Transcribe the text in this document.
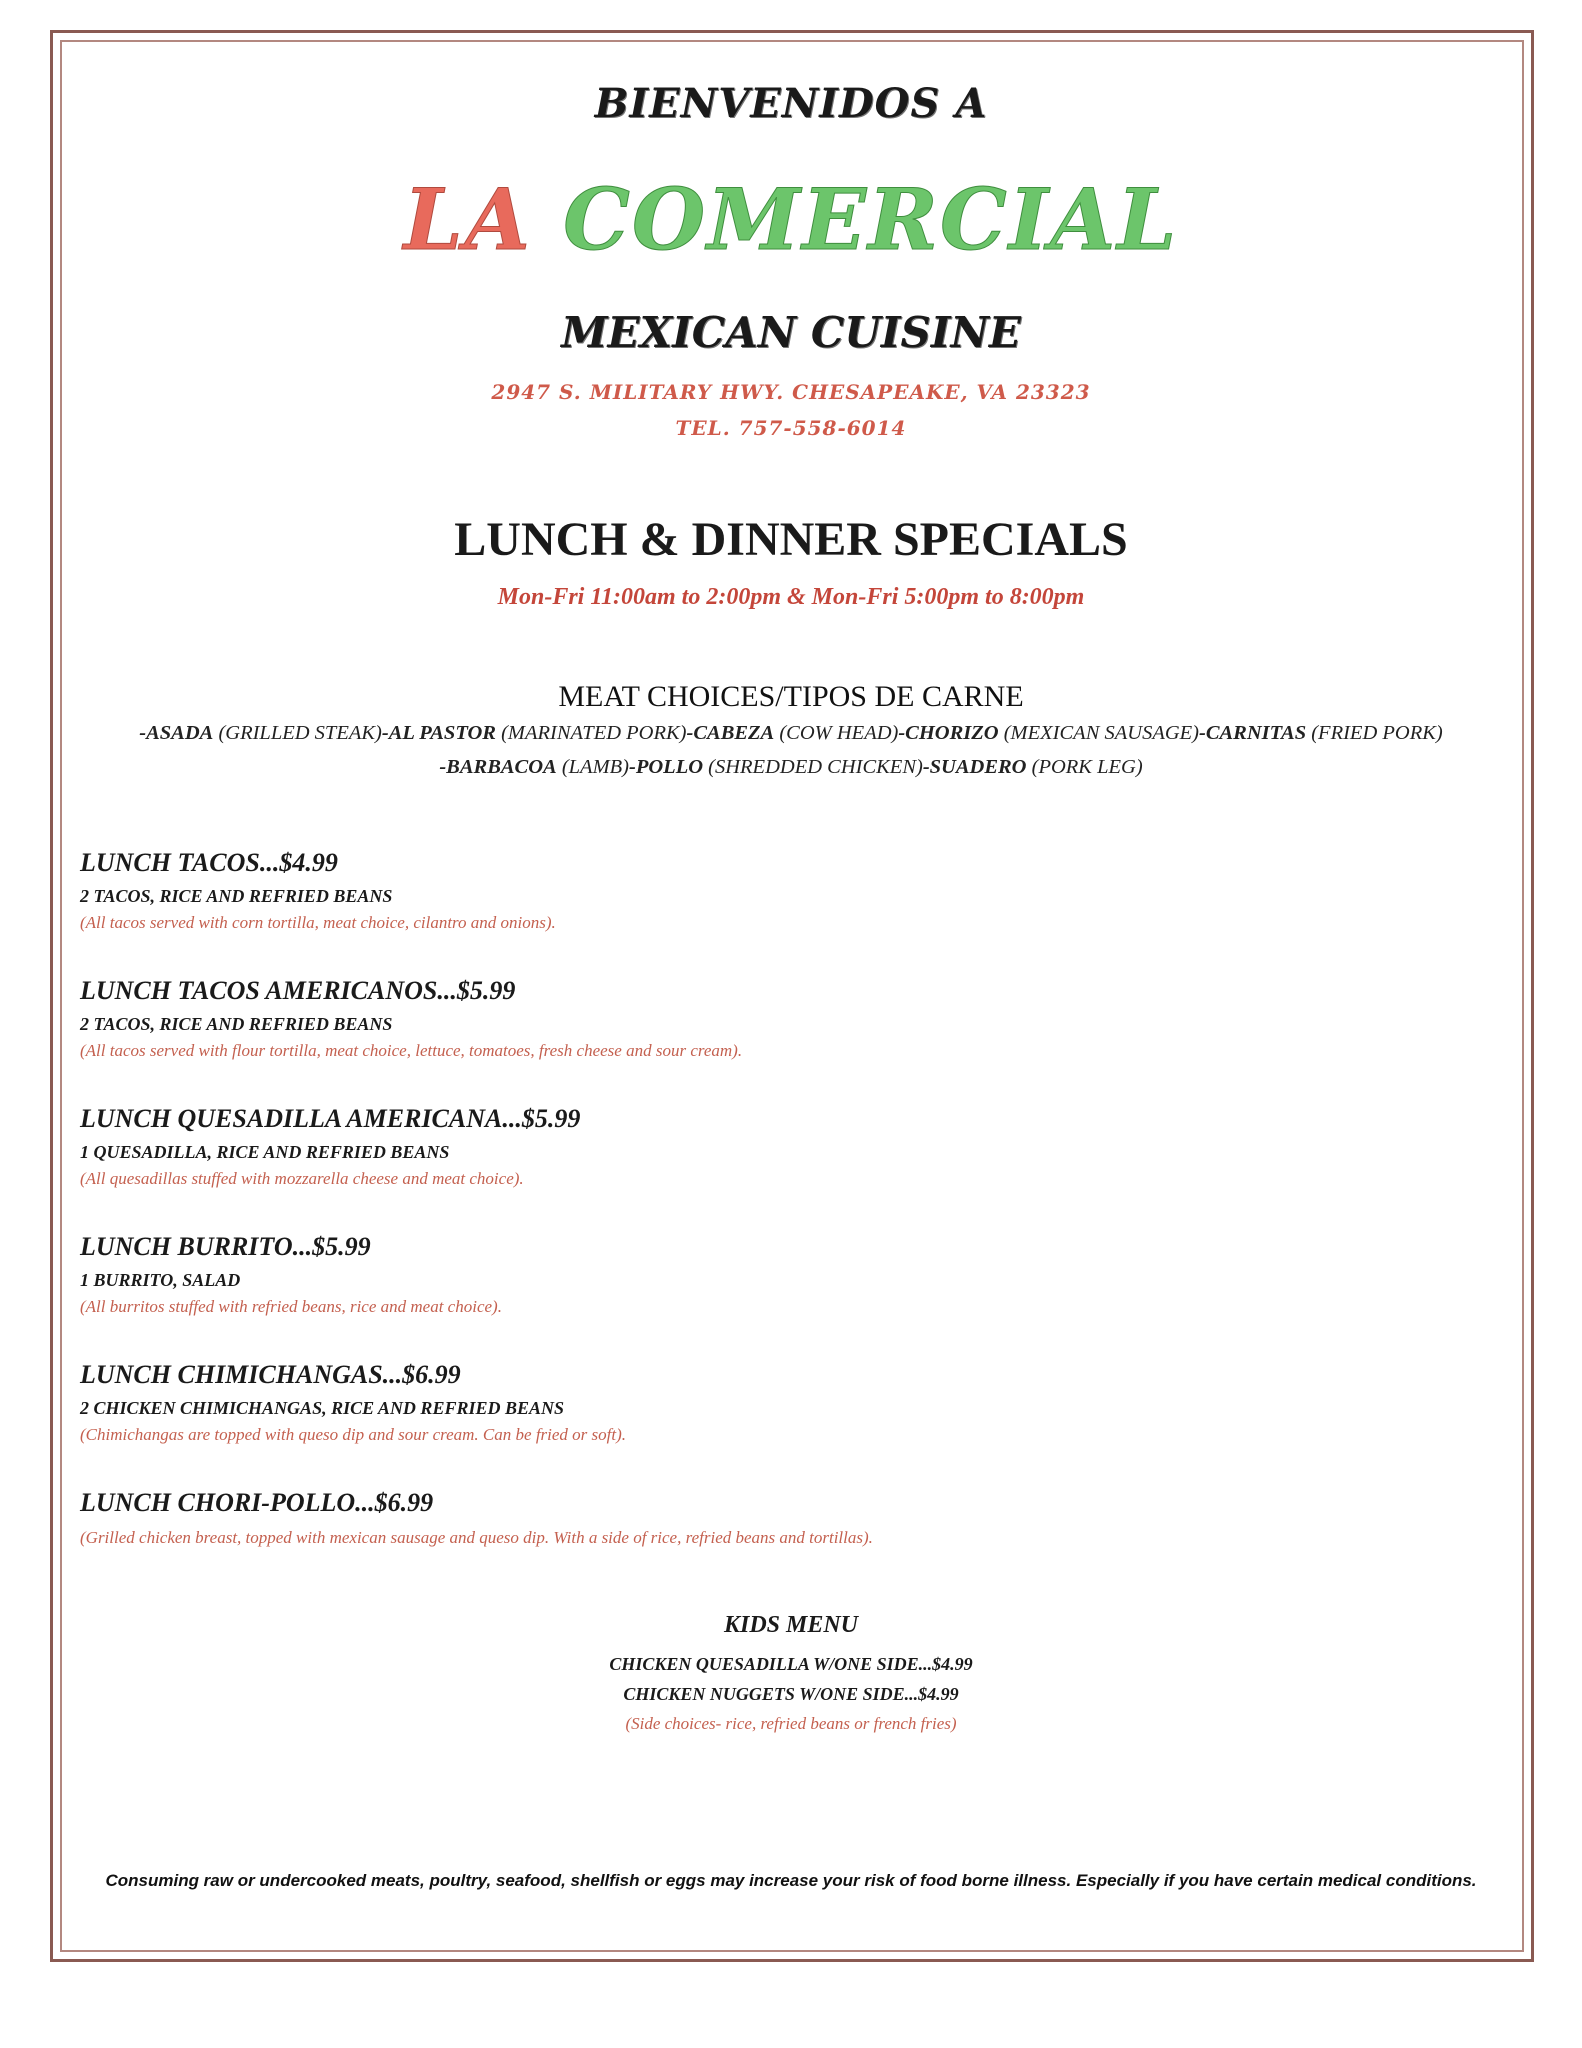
BIENVENIDOS A
LA COMERCIAL
MEXICAN CUISINE
2947 S. MILITARY HWY. CHESAPEAKE, VA 23323
TEL. 757-558-6014
LUNCH & DINNER SPECIALS
Mon-Fri 11:00am to 2:00pm & Mon-Fri 5:00pm to 8:00pm
MEAT CHOICES/TIPOS DE CARNE
-ASADA (GRILLED STEAK)-AL PASTOR (MARINATED PORK)-CABEZA (COW HEAD)-CHORIZO (MEXICAN SAUSAGE)-CARNITAS (FRIED PORK)
-BARBACOA (LAMB)-POLLO (SHREDDED CHICKEN)-SUADERO (PORK LEG)
LUNCH TACOS...$4.99
2 TACOS, RICE AND REFRIED BEANS
(All tacos served with corn tortilla, meat choice, cilantro and onions).
LUNCH TACOS AMERICANOS...$5.99
2 TACOS, RICE AND REFRIED BEANS
(All tacos served with flour tortilla, meat choice, lettuce, tomatoes, fresh cheese and sour cream).
LUNCH QUESADILLA AMERICANA...$5.99
1 QUESADILLA, RICE AND REFRIED BEANS
(All quesadillas stuffed with mozzarella cheese and meat choice).
LUNCH BURRITO...$5.99
1 BURRITO, SALAD
(All burritos stuffed with refried beans, rice and meat choice).
LUNCH CHIMICHANGAS...$6.99
2 CHICKEN CHIMICHANGAS, RICE AND REFRIED BEANS
(Chimichangas are topped with queso dip and sour cream. Can be fried or soft).
LUNCH CHORI-POLLO...$6.99
(Grilled chicken breast, topped with mexican sausage and queso dip. With a side of rice, refried beans and tortillas).
KIDS MENU
CHICKEN QUESADILLA W/ONE SIDE...$4.99
CHICKEN NUGGETS W/ONE SIDE...$4.99
(Side choices- rice, refried beans or french fries)
Consuming raw or undercooked meats, poultry, seafood, shellfish or eggs may increase your risk of food borne illness. Especially if you have certain medical conditions.
